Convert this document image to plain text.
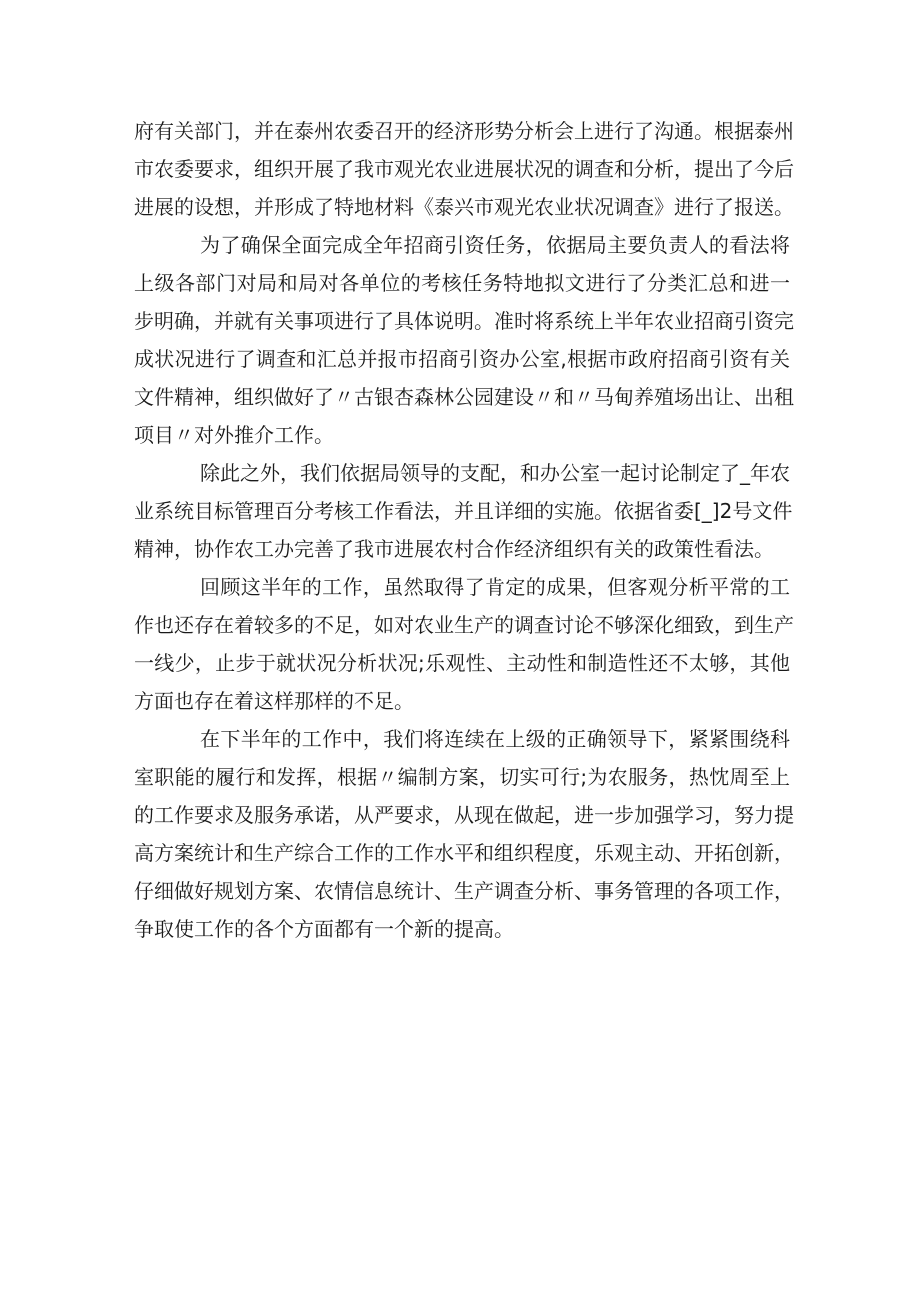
府有关部门，并在泰州农委召开的经济形势分析会上进行了沟通。根据泰州
市农委要求，组织开展了我市观光农业进展状况的调查和分析，提出了今后
进展的设想，并形成了特地材料《泰兴市观光农业状况调查》进行了报送。

为了确保全面完成全年招商引资任务，依据局主要负责人的看法将
上级各部门对局和局对各单位的考核任务特地拟文进行了分类汇总和进一
步明确，并就有关事项进行了具体说明。准时将系统上半年农业招商引资完
成状况进行了调查和汇总并报市招商引资办公室,根据市政府招商引资有关
文件精神，组织做好了〃古银杏森林公园建设〃和〃马甸养殖场出让、出租
项目〃对外推介工作。

除此之外，我们依据局领导的支配，和办公室一起讨论制定了_年农
业系统目标管理百分考核工作看法，并且详细的实施。依据省委[_]2号文件
精神，协作农工办完善了我市进展农村合作经济组织有关的政策性看法。

回顾这半年的工作，虽然取得了肯定的成果，但客观分析平常的工
作也还存在着较多的不足，如对农业生产的调查讨论不够深化细致，到生产
一线少，止步于就状况分析状况;乐观性、主动性和制造性还不太够，其他
方面也存在着这样那样的不足。

在下半年的工作中，我们将连续在上级的正确领导下，紧紧围绕科
室职能的履行和发挥，根据〃编制方案，切实可行;为农服务，热忱周至上
的工作要求及服务承诺，从严要求，从现在做起，进一步加强学习，努力提
高方案统计和生产综合工作的工作水平和组织程度，乐观主动、开拓创新，
仔细做好规划方案、农情信息统计、生产调查分析、事务管理的各项工作，
争取使工作的各个方面都有一个新的提高。
